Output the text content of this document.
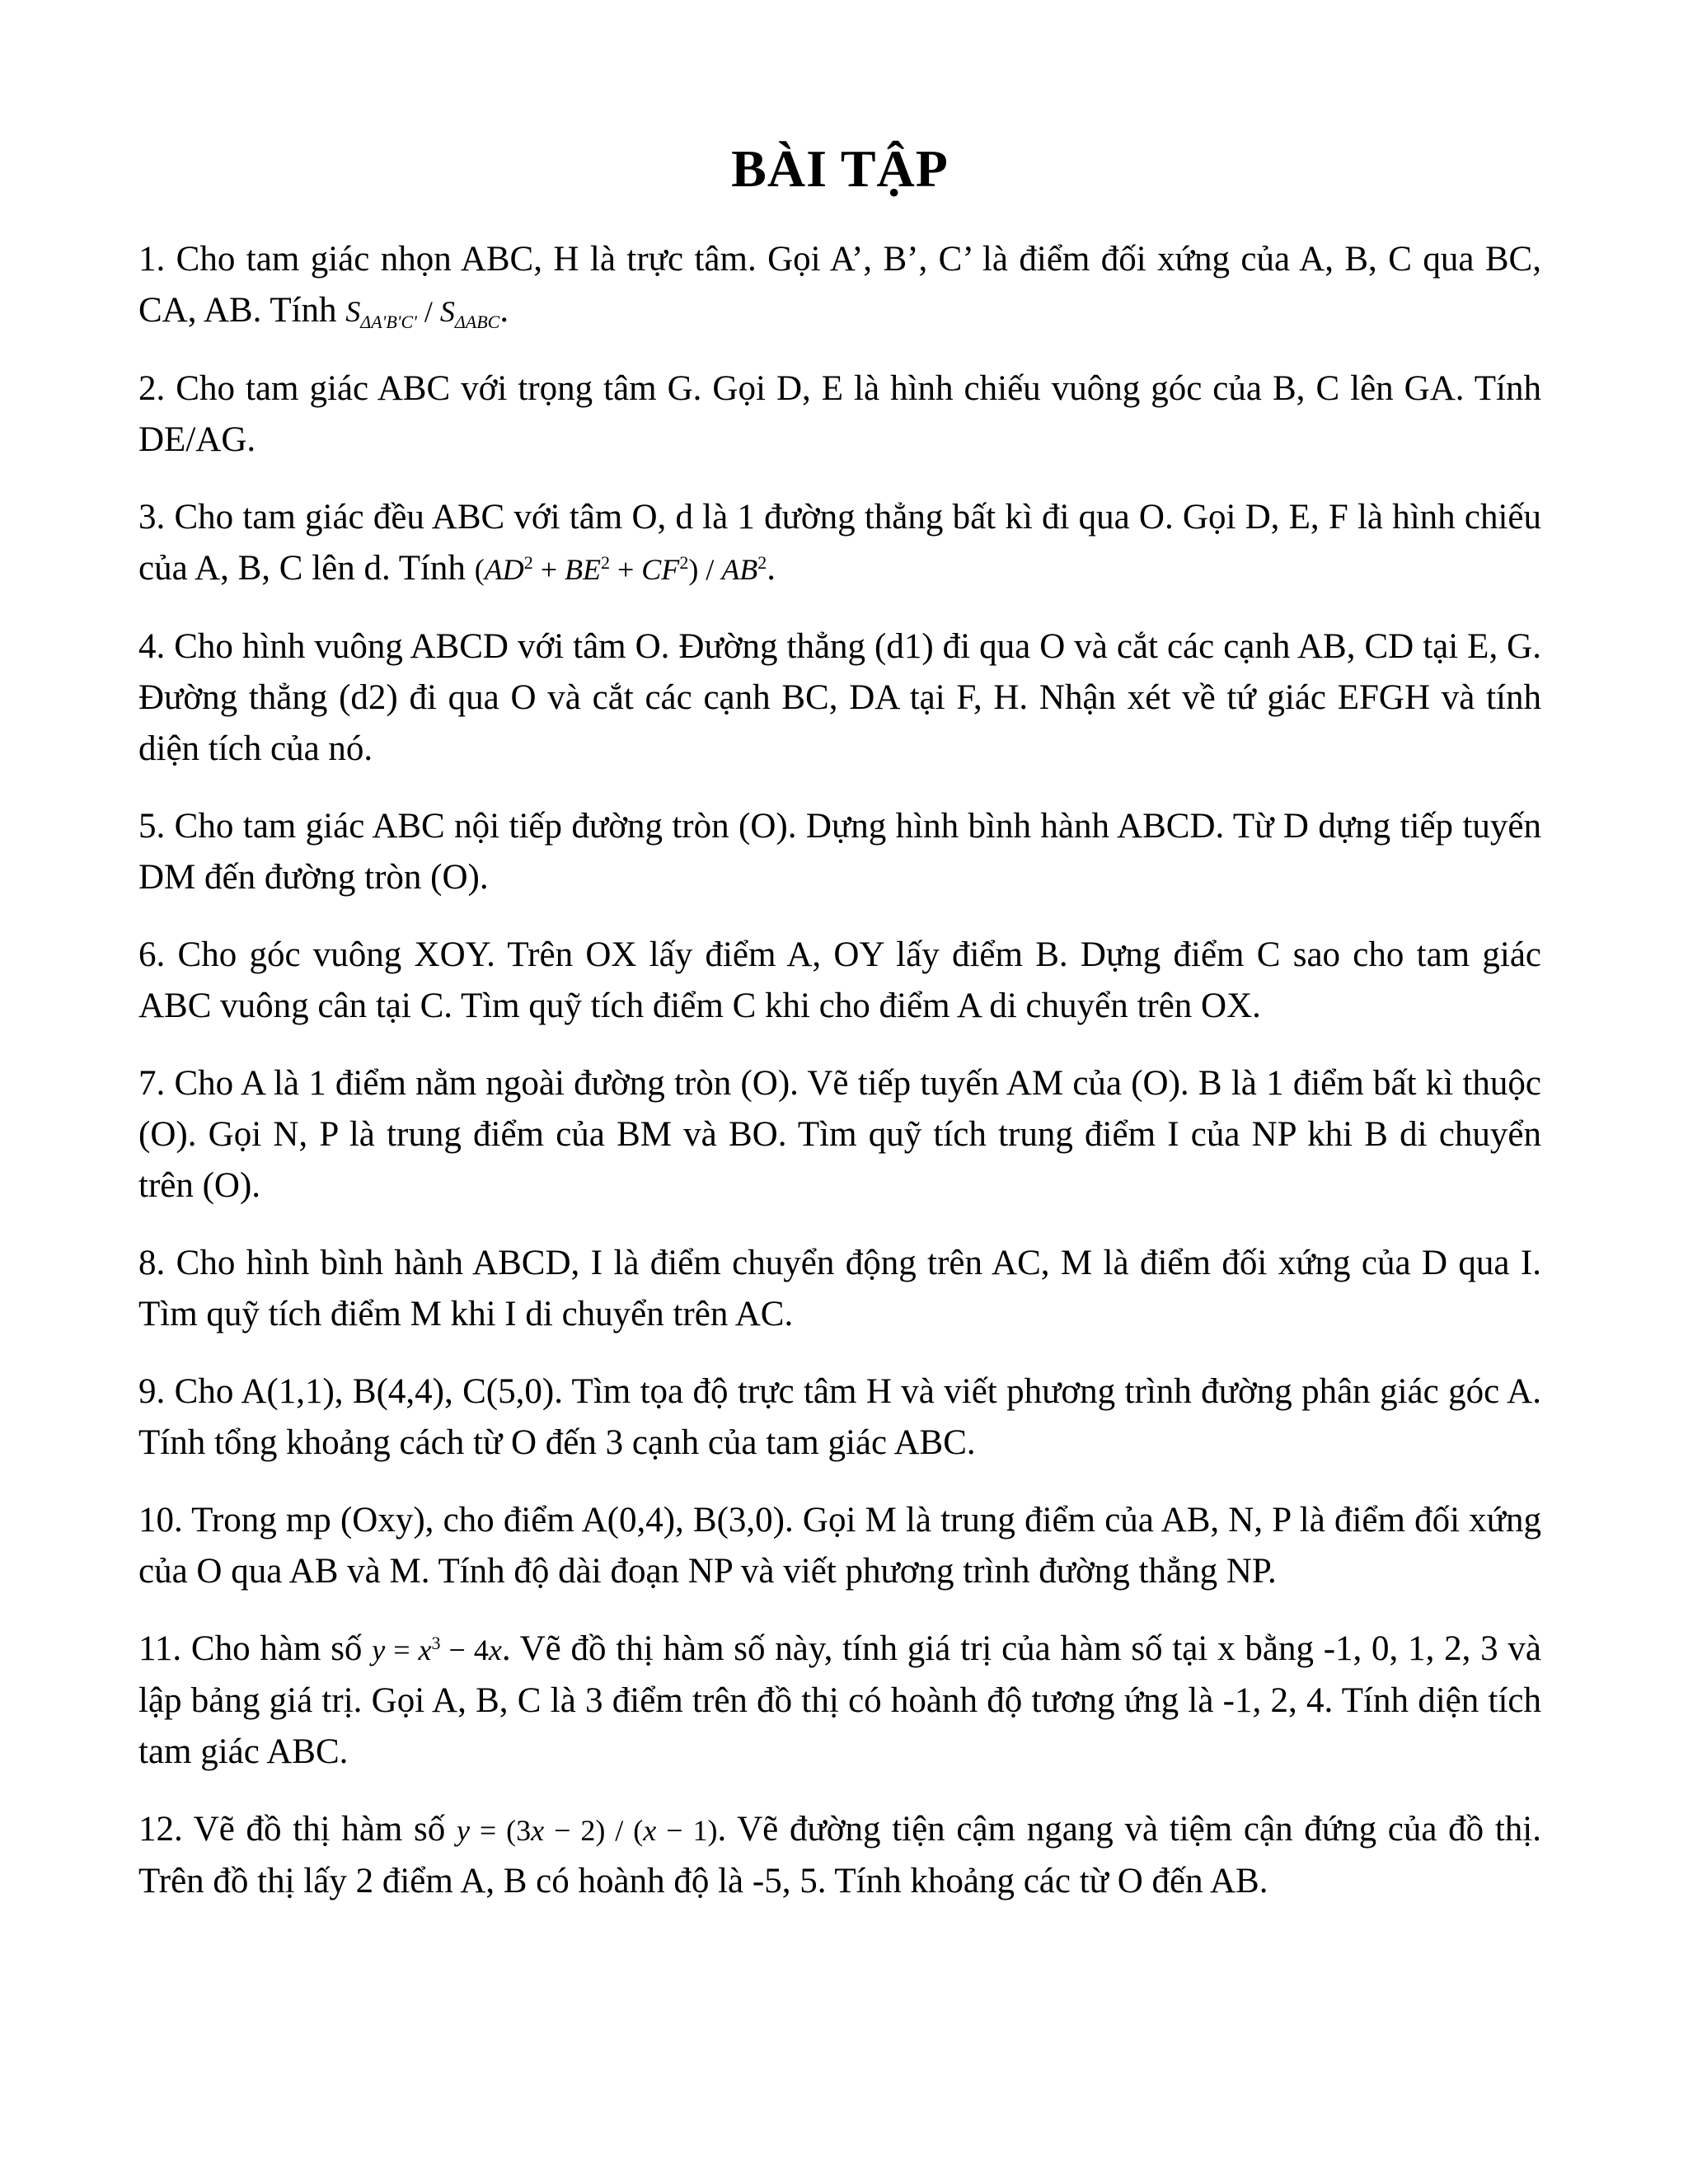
BÀI TẬP
1. Cho tam giác nhọn ABC, H là trực tâm. Gọi A’, B’, C’ là điểm đối xứng của A, B, C qua BC, CA, AB. Tính $S_{\Delta A'B'C'} / S_{\Delta ABC}$.
2. Cho tam giác ABC với trọng tâm G. Gọi D, E là hình chiếu vuông góc của B, C lên GA. Tính DE/AG.
3. Cho tam giác đều ABC với tâm O, d là 1 đường thẳng bất kì đi qua O. Gọi D, E, F là hình chiếu của A, B, C lên d. Tính $(AD^2 + BE^2 + CF^2) / AB^2$.
4. Cho hình vuông ABCD với tâm O. Đường thẳng (d1) đi qua O và cắt các cạnh AB, CD tại E, G. Đường thẳng (d2) đi qua O và cắt các cạnh BC, DA tại F, H. Nhận xét về tứ giác EFGH và tính diện tích của nó.
5. Cho tam giác ABC nội tiếp đường tròn (O). Dựng hình bình hành ABCD. Từ D dựng tiếp tuyến DM đến đường tròn (O).
6. Cho góc vuông XOY. Trên OX lấy điểm A, OY lấy điểm B. Dựng điểm C sao cho tam giác ABC vuông cân tại C. Tìm quỹ tích điểm C khi cho điểm A di chuyển trên OX.
7. Cho A là 1 điểm nằm ngoài đường tròn (O). Vẽ tiếp tuyến AM của (O). B là 1 điểm bất kì thuộc (O). Gọi N, P là trung điểm của BM và BO. Tìm quỹ tích trung điểm I của NP khi B di chuyển trên (O).
8. Cho hình bình hành ABCD, I là điểm chuyển động trên AC, M là điểm đối xứng của D qua I. Tìm quỹ tích điểm M khi I di chuyển trên AC.
9. Cho A(1,1), B(4,4), C(5,0). Tìm tọa độ trực tâm H và viết phương trình đường phân giác góc A. Tính tổng khoảng cách từ O đến 3 cạnh của tam giác ABC.
10. Trong mp (Oxy), cho điểm A(0,4), B(3,0). Gọi M là trung điểm của AB, N, P là điểm đối xứng của O qua AB và M. Tính độ dài đoạn NP và viết phương trình đường thẳng NP.
11. Cho hàm số $y = x^3 - 4x$. Vẽ đồ thị hàm số này, tính giá trị của hàm số tại x bằng -1, 0, 1, 2, 3 và lập bảng giá trị. Gọi A, B, C là 3 điểm trên đồ thị có hoành độ tương ứng là -1, 2, 4. Tính diện tích tam giác ABC.
12. Vẽ đồ thị hàm số y = (3x − 2) / (x − 1). Vẽ đường tiện cậm ngang và tiệm cận đứng của đồ thị. Trên đồ thị lấy 2 điểm A, B có hoành độ là -5, 5. Tính khoảng các từ O đến AB.
